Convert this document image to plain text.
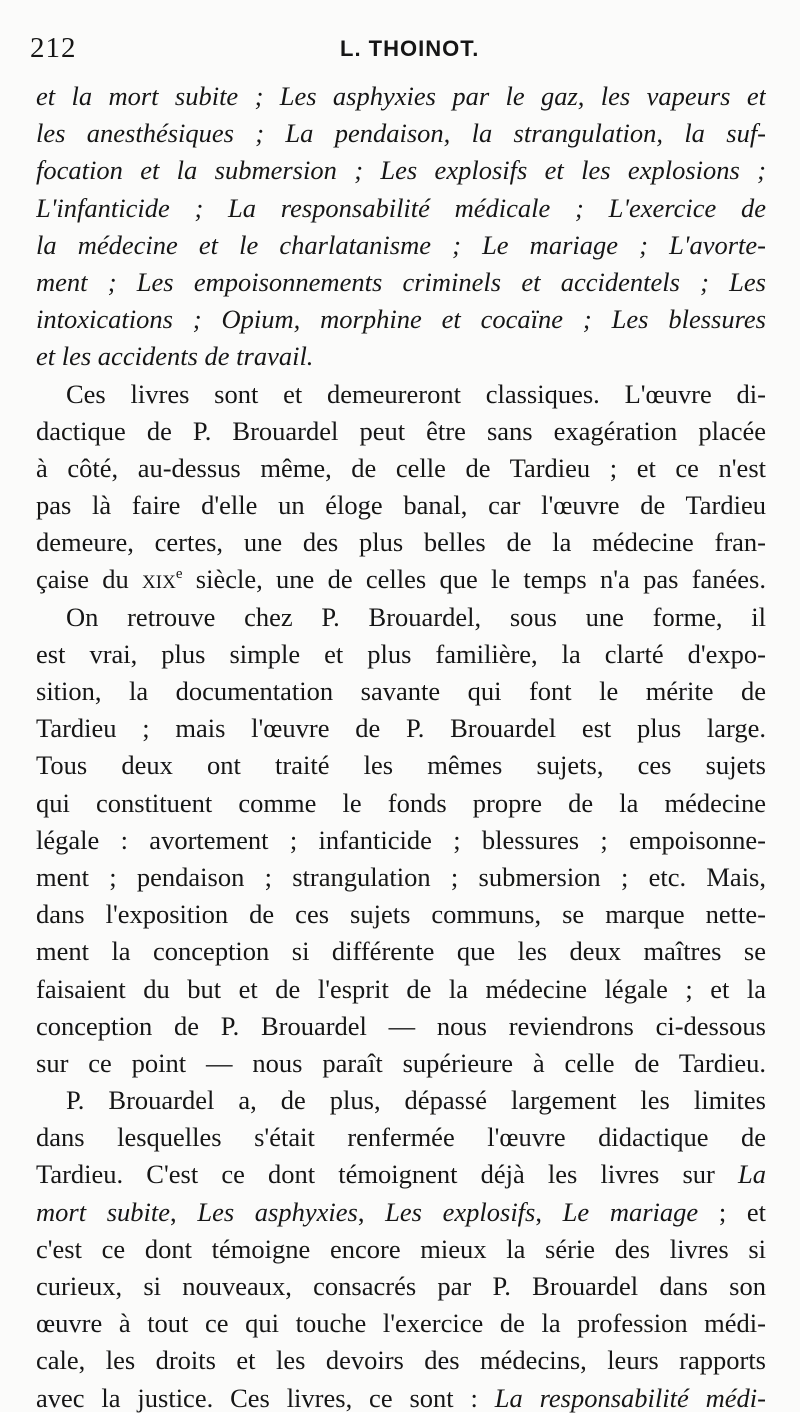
212	L. THOINOT.
et la mort subite ; Les asphyxies par le gaz, les vapeurs et
les anesthésiques ; La pendaison, la strangulation, la suf-
focation et la submersion ; Les explosifs et les explosions ;
L'infanticide ; La responsabilité médicale ; L'exercice de
la médecine et le charlatanisme ; Le mariage ; L'avorte-
ment ; Les empoisonnements criminels et accidentels ; Les
intoxications ; Opium, morphine et cocaïne ; Les blessures
et les accidents de travail.
Ces livres sont et demeureront classiques. L'œuvre di-
dactique de P. Brouardel peut être sans exagération placée
à côté, au-dessus même, de celle de Tardieu ; et ce n'est
pas là faire d'elle un éloge banal, car l'œuvre de Tardieu
demeure, certes, une des plus belles de la médecine fran-
çaise du xix$^e$ siècle, une de celles que le temps n'a pas fanées.
On retrouve chez P. Brouardel, sous une forme, il
est vrai, plus simple et plus familière, la clarté d'expo-
sition, la documentation savante qui font le mérite de
Tardieu ; mais l'œuvre de P. Brouardel est plus large.
Tous deux ont traité les mêmes sujets, ces sujets
qui constituent comme le fonds propre de la médecine
légale : avortement ; infanticide ; blessures ; empoisonne-
ment ; pendaison ; strangulation ; submersion ; etc. Mais,
dans l'exposition de ces sujets communs, se marque nette-
ment la conception si différente que les deux maîtres se
faisaient du but et de l'esprit de la médecine légale ; et la
conception de P. Brouardel — nous reviendrons ci-dessous
sur ce point — nous paraît supérieure à celle de Tardieu.
P. Brouardel a, de plus, dépassé largement les limites
dans lesquelles s'était renfermée l'œuvre didactique de
Tardieu. C'est ce dont témoignent déjà les livres sur La
mort subite, Les asphyxies, Les explosifs, Le mariage ; et
c'est ce dont témoigne encore mieux la série des livres si
curieux, si nouveaux, consacrés par P. Brouardel dans son
œuvre à tout ce qui touche l'exercice de la profession médi-
cale, les droits et les devoirs des médecins, leurs rapports
avec la justice. Ces livres, ce sont : La responsabilité médi-
